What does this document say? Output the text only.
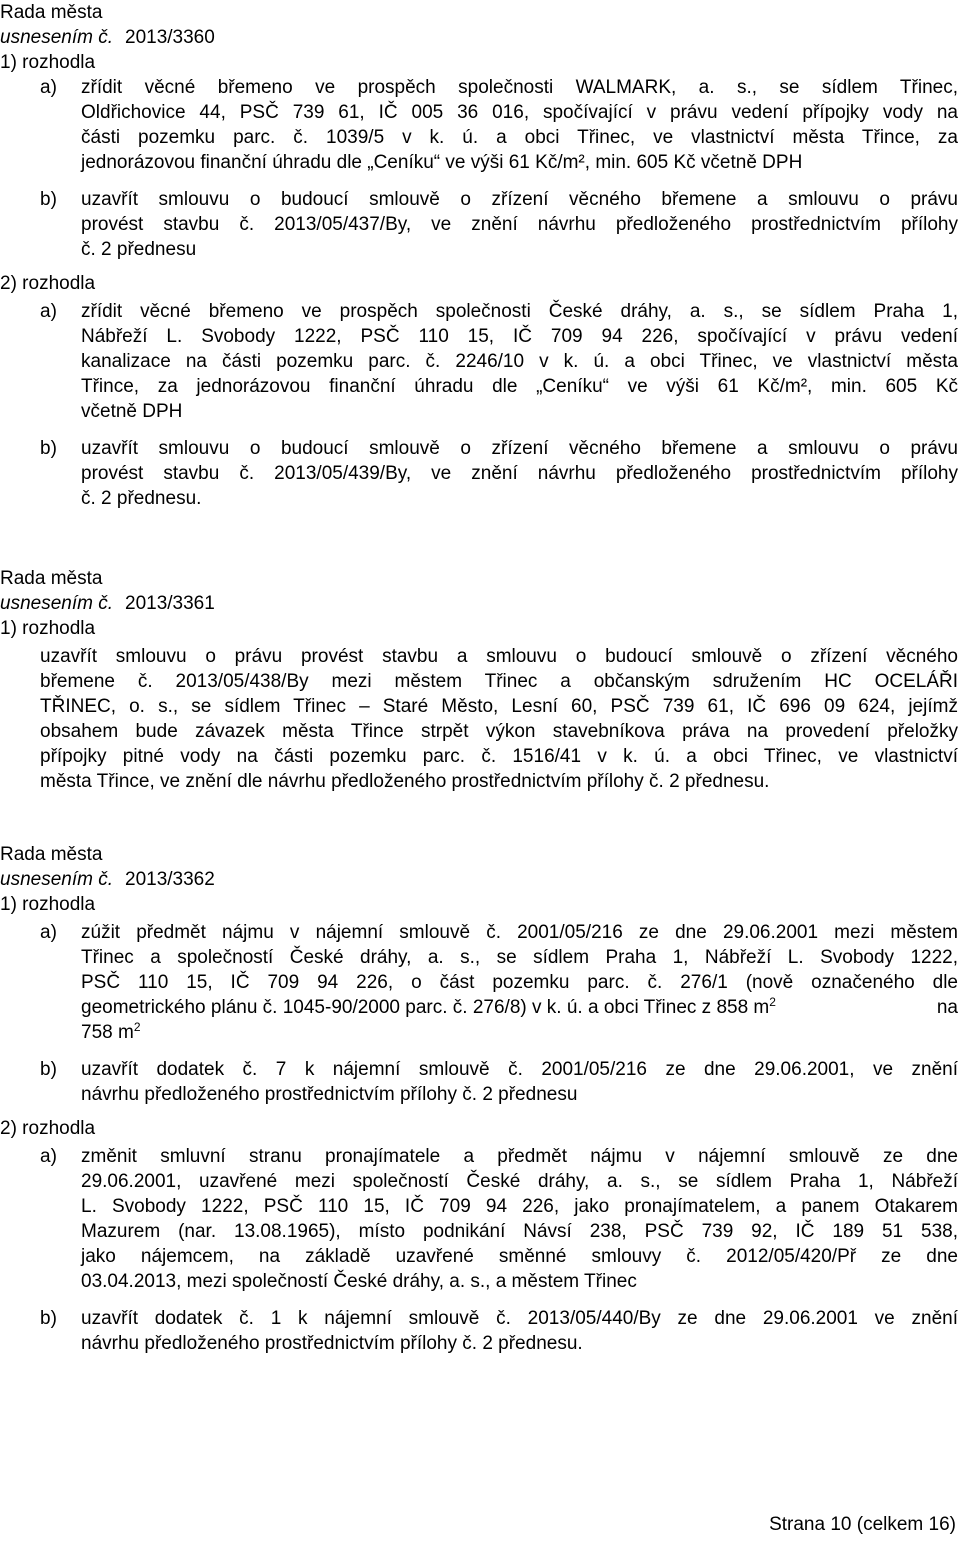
Rada města
usnesením č. 2013/3360
1) rozhodla
a) zřídit věcné břemeno ve prospěch společnosti WALMARK, a. s., se sídlem Třinec,
Oldřichovice 44, PSČ 739 61, IČ 005 36 016, spočívající v právu vedení přípojky vody na
části pozemku parc. č. 1039/5 v k. ú. a obci Třinec, ve vlastnictví města Třince, za
jednorázovou finanční úhradu dle „Ceníku“ ve výši 61 Kč/m², min. 605 Kč včetně DPH
b) uzavřít smlouvu o budoucí smlouvě o zřízení věcného břemene a smlouvu o právu
provést stavbu č. 2013/05/437/By, ve znění návrhu předloženého prostřednictvím přílohy
č. 2 přednesu
2) rozhodla
a) zřídit věcné břemeno ve prospěch společnosti České dráhy, a. s., se sídlem Praha 1,
Nábřeží L. Svobody 1222, PSČ 110 15, IČ 709 94 226, spočívající v právu vedení
kanalizace na části pozemku parc. č. 2246/10 v k. ú. a obci Třinec, ve vlastnictví města
Třince, za jednorázovou finanční úhradu dle „Ceníku“ ve výši 61 Kč/m², min. 605 Kč
včetně DPH
b) uzavřít smlouvu o budoucí smlouvě o zřízení věcného břemene a smlouvu o právu
provést stavbu č. 2013/05/439/By, ve znění návrhu předloženého prostřednictvím přílohy
č. 2 přednesu.
Rada města
usnesením č. 2013/3361
1) rozhodla
uzavřít smlouvu o právu provést stavbu a smlouvu o budoucí smlouvě o zřízení věcného
břemene č. 2013/05/438/By mezi městem Třinec a občanským sdružením HC OCELÁŘI
TŘINEC, o. s., se sídlem Třinec – Staré Město, Lesní 60, PSČ 739 61, IČ 696 09 624, jejímž
obsahem bude závazek města Třince strpět výkon stavebníkova práva na provedení přeložky
přípojky pitné vody na části pozemku parc. č. 1516/41 v k. ú. a obci Třinec, ve vlastnictví
města Třince, ve znění dle návrhu předloženého prostřednictvím přílohy č. 2 přednesu.
Rada města
usnesením č. 2013/3362
1) rozhodla
a) zúžit předmět nájmu v nájemní smlouvě č. 2001/05/216 ze dne 29.06.2001 mezi městem
Třinec a společností České dráhy, a. s., se sídlem Praha 1, Nábřeží L. Svobody 1222,
PSČ 110 15, IČ 709 94 226, o část pozemku parc. č. 276/1 (nově označeného dle
geometrického plánu č. 1045-90/2000 parc. č. 276/8) v k. ú. a obci Třinec z 858 $m^2$	na
758 $m^2$
b) uzavřít dodatek č. 7 k nájemní smlouvě č. 2001/05/216 ze dne 29.06.2001, ve znění
návrhu předloženého prostřednictvím přílohy č. 2 přednesu
2) rozhodla
a) změnit smluvní stranu pronajímatele a předmět nájmu v nájemní smlouvě ze dne
29.06.2001, uzavřené mezi společností České dráhy, a. s., se sídlem Praha 1, Nábřeží
L. Svobody 1222, PSČ 110 15, IČ 709 94 226, jako pronajímatelem, a panem Otakarem
Mazurem (nar. 13.08.1965), místo podnikání Návsí 238, PSČ 739 92, IČ 189 51 538,
jako nájemcem, na základě uzavřené směnné smlouvy č. 2012/05/420/Př ze dne
03.04.2013, mezi společností České dráhy, a. s., a městem Třinec
b) uzavřít dodatek č. 1 k nájemní smlouvě č. 2013/05/440/By ze dne 29.06.2001 ve znění
návrhu předloženého prostřednictvím přílohy č. 2 přednesu.
Strana 10 (celkem 16)
